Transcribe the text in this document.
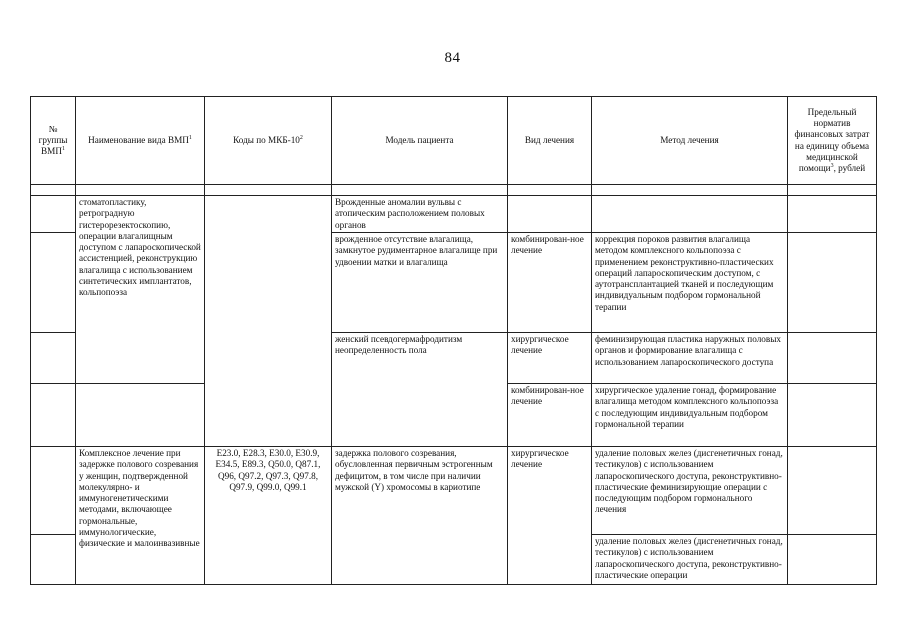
84
№ группы ВМП$^1$	Наименование вида ВМП$^1$	Коды по МКБ-$10^2$	Модель пациента	Вид лечения	Метод лечения	Предельный норматив финансовых затрат на единицу объема медицинской помощи$^3$, рублей

	стоматопластику, ретроградную гистерорезектоскопию, операции влагалищным доступом с лапароскопической ассистенцией, реконструкцию влагалища с использованием синтетических имплантатов, кольпопоэза		Врожденные аномалии вульвы с атопическим расположением половых органов			
			врожденное отсутствие влагалища, замкнутое рудиментарное влагалище при удвоении матки и влагалища	комбинирован-ное лечение	коррекция пороков развития влагалища методом комплексного кольпопоэза с применением реконструктивно-пластических операций лапароскопическим доступом, с аутотрансплантацией тканей и последующим индивидуальным подбором гормональной терапии	
			женский псевдогермафродитизм неопределенность пола	хирургическое лечение	феминизирующая пластика наружных половых органов и формирование влагалища с использованием лапароскопического доступа	
				комбинирован-ное лечение	хирургическое удаление гонад, формирование влагалища методом комплексного кольпопоэза с последующим индивидуальным подбором гормональной терапии	
	Комплексное лечение при задержке полового созревания у женщин, подтвержденной молекулярно- и иммуногенетическими методами, включающее гормональные, иммунологические, физические и малоинвазивные	E23.0, E28.3, E30.0, E30.9, E34.5, E89.3, Q50.0, Q87.1, Q96, Q97.2, Q97.3, Q97.8, Q97.9, Q99.0, Q99.1	задержка полового созревания, обусловленная первичным эстрогенным дефицитом, в том числе при наличии мужской (Y) хромосомы в кариотипе	хирургическое лечение	удаление половых желез (дисгенетичных гонад, тестикулов) с использованием лапароскопического доступа, реконструктивно-пластические феминизирующие операции с последующим подбором гормонального лечения	
					удаление половых желез (дисгенетичных гонад, тестикулов) с использованием лапароскопического доступа, реконструктивно-пластические операции	
